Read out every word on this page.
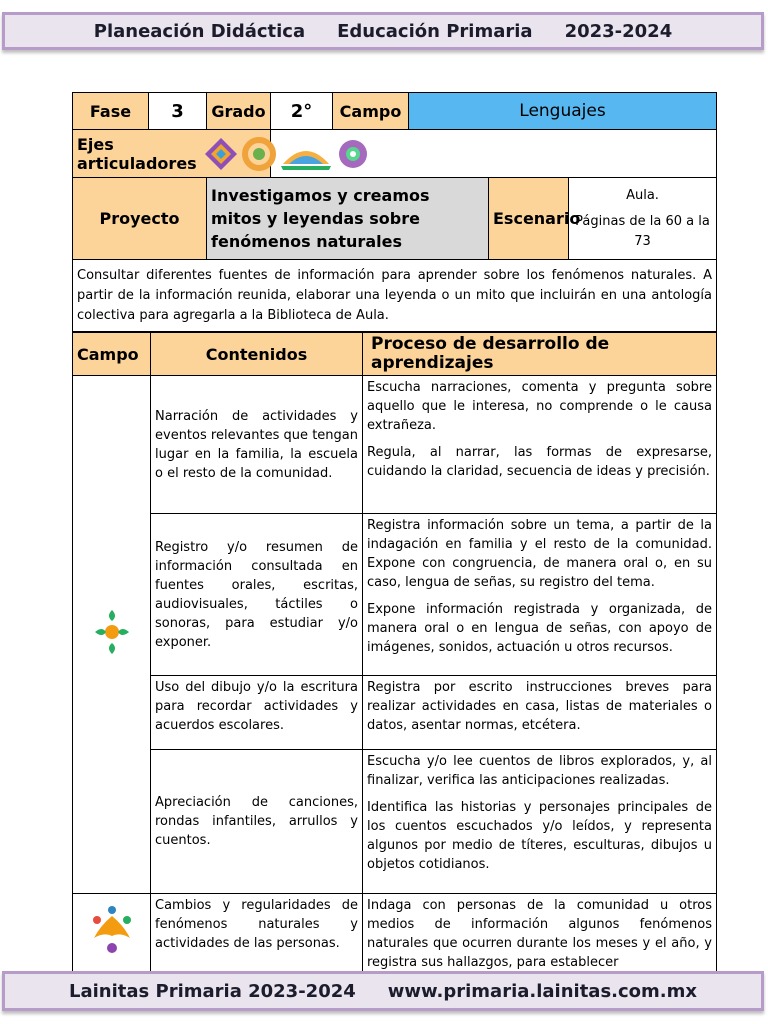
Planeación Didáctica Educación Primaria 2023-2024
Fase	3	Grado	2°	Campo	Lenguajes		

Ejes articuladores							

Proyecto		Investigamos y creamos mitos y leyendas sobre fenómenos naturales				Escenario	Aula.
Páginas de la 60 a la 73

Consultar diferentes fuentes de información para aprender sobre los fenómenos naturales. A partir de la información reunida, elaborar una leyenda o un mito que incluirán en una antología colectiva para agregarla a la Biblioteca de Aula.							
Campo	Contenidos	Proceso de desarrollo de aprendizajes
	Narración de actividades y eventos relevantes que tengan lugar en la familia, la escuela o el resto de la comunidad.	Escucha narraciones, comenta y pregunta sobre aquello que le interesa, no comprende o le causa extrañeza.

Regula, al narrar, las formas de expresarse, cuidando la claridad, secuencia de ideas y precisión.

	Registro y/o resumen de información consultada en fuentes orales, escritas, audiovisuales, táctiles o sonoras, para estudiar y/o exponer.	Registra información sobre un tema, a partir de la indagación en familia y el resto de la comunidad. Expone con congruencia, de manera oral o, en su caso, lengua de señas, su registro del tema.

Expone información registrada y organizada, de manera oral o en lengua de señas, con apoyo de imágenes, sonidos, actuación u otros recursos.

	Uso del dibujo y/o la escritura para recordar actividades y acuerdos escolares.	Registra por escrito instrucciones breves para realizar actividades en casa, listas de materiales o datos, asentar normas, etcétera.

	Apreciación de canciones, rondas infantiles, arrullos y cuentos.	Escucha y/o lee cuentos de libros explorados, y, al finalizar, verifica las anticipaciones realizadas.

Identifica las historias y personajes principales de los cuentos escuchados y/o leídos, y representa algunos por medio de títeres, esculturas, dibujos u objetos cotidianos.

	Cambios y regularidades de fenómenos naturales y actividades de las personas.	Indaga con personas de la comunidad u otros medios de información algunos fenómenos naturales que ocurren durante los meses y el año, y registra sus hallazgos, para establecer
Lainitas Primaria 2023-2024 www.primaria.lainitas.com.mx
